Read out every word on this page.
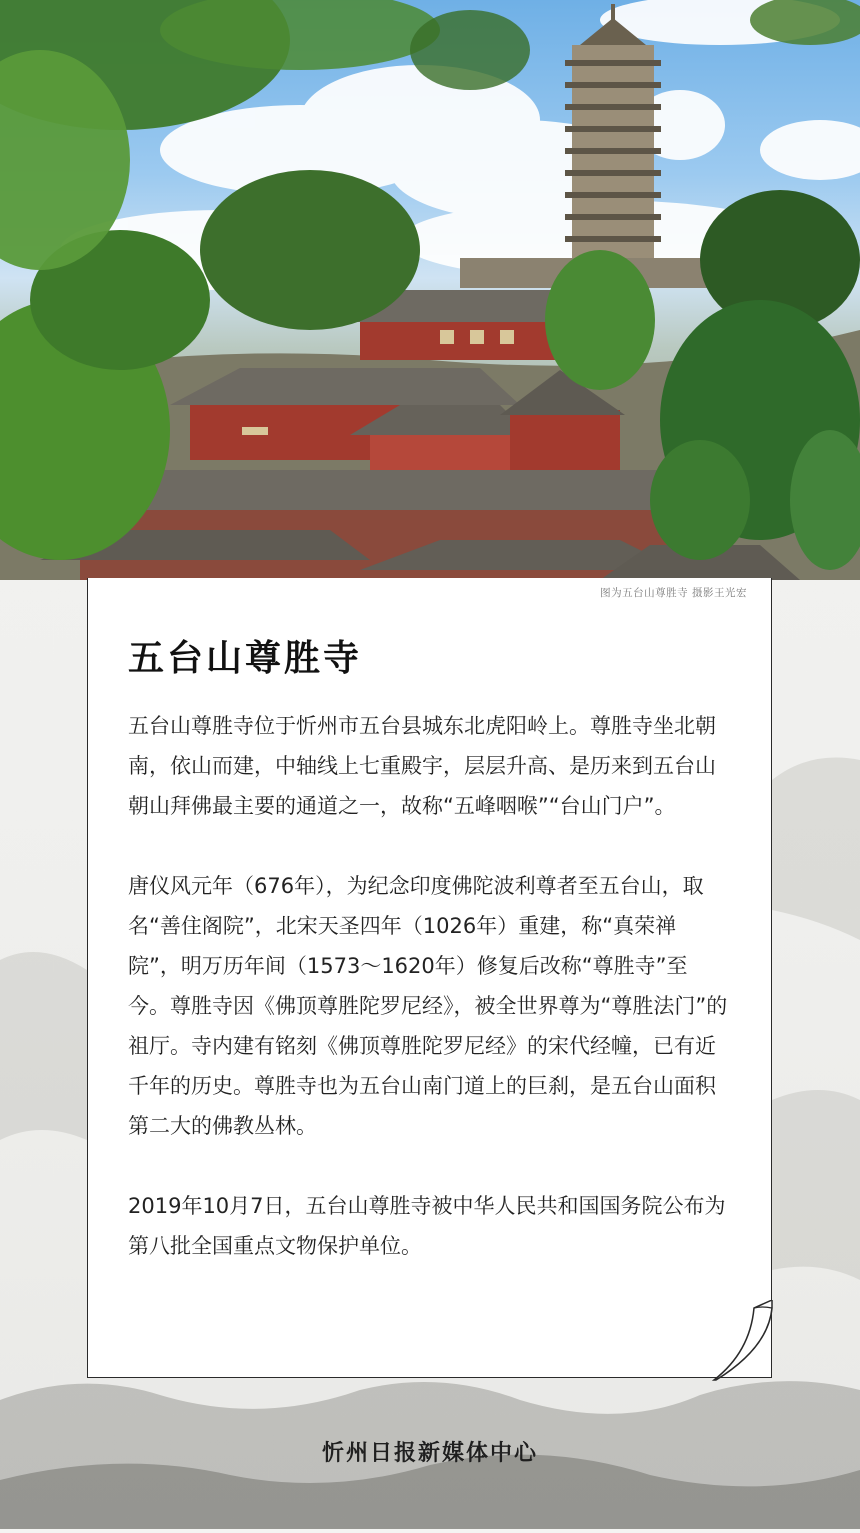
图为五台山尊胜寺 摄影王光宏
五台山尊胜寺

五台山尊胜寺位于忻州市五台县城东北虎阳岭上。尊胜寺坐北朝南，依山而建，中轴线上七重殿宇，层层升高、是历来到五台山朝山拜佛最主要的通道之一，故称“五峰咽喉”“台山门户”。

唐仪风元年（676年），为纪念印度佛陀波利尊者至五台山，取名“善住阁院”，北宋天圣四年（1026年）重建，称“真荣禅院”，明万历年间（1573～1620年）修复后改称“尊胜寺”至今。尊胜寺因《佛顶尊胜陀罗尼经》，被全世界尊为“尊胜法门”的祖厅。寺内建有铭刻《佛顶尊胜陀罗尼经》的宋代经幢，已有近千年的历史。尊胜寺也为五台山南门道上的巨刹，是五台山面积第二大的佛教丛林。

2019年10月7日，五台山尊胜寺被中华人民共和国国务院公布为第八批全国重点文物保护单位。

忻州日报新媒体中心
